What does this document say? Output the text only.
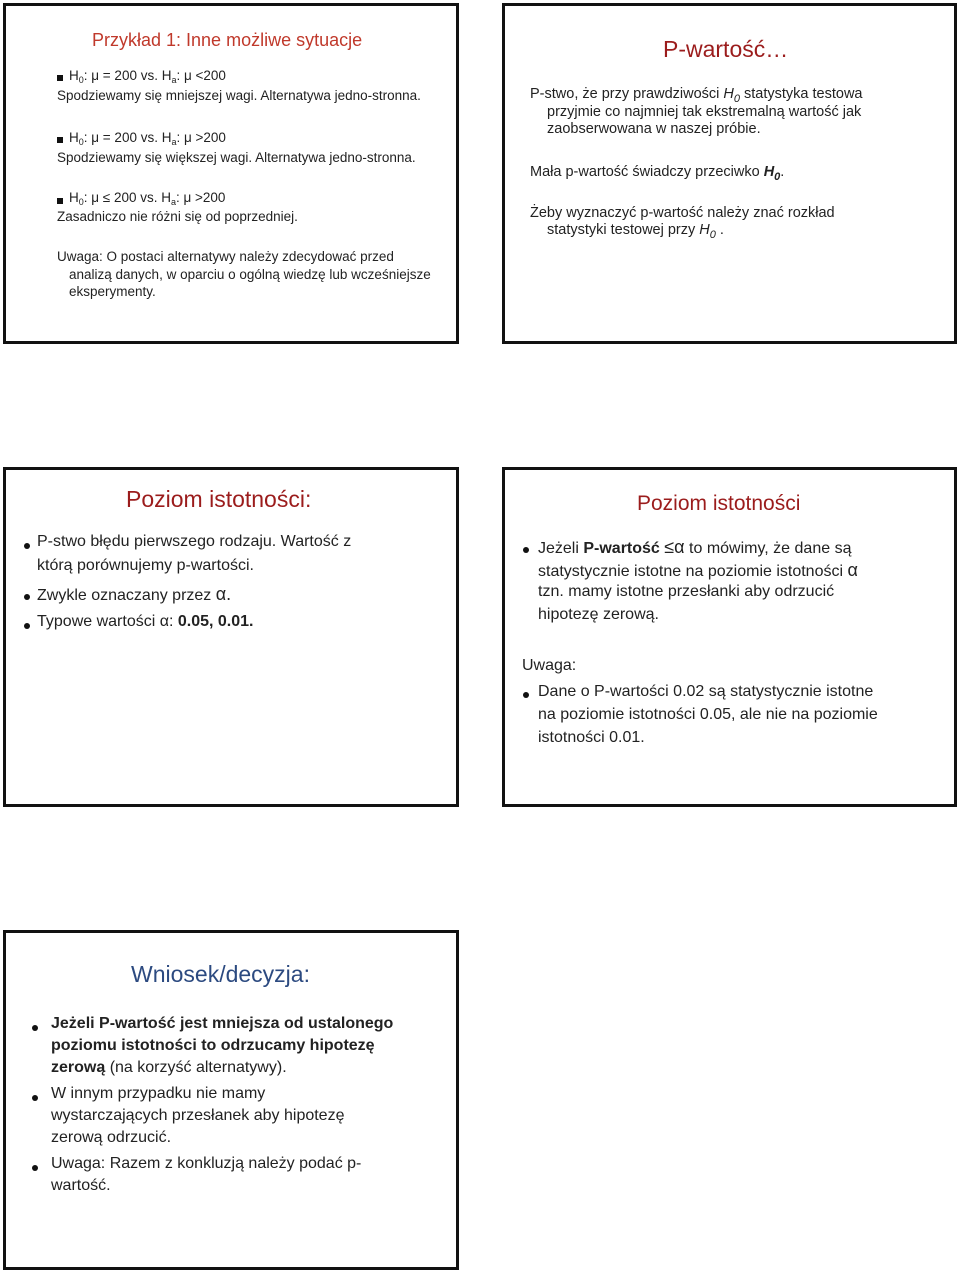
Przykład 1: Inne możliwe sytuacje
$H_0$: μ = 200 vs. $H_a$: μ <200
Spodziewamy się mniejszej wagi. Alternatywa jedno-stronna.
$H_0$: μ = 200 vs. $H_a$: μ >200
Spodziewamy się większej wagi. Alternatywa jedno-stronna.
$H_0$: μ ≤ 200 vs. $H_a$: μ >200
Zasadniczo nie różni się od poprzedniej.
Uwaga: O postaci alternatywy należy zdecydować przed
analizą danych, w oparciu o ogólną wiedzę lub wcześniejsze
eksperymenty.
P-wartość…
P-stwo, że przy prawdziwości $H_0$ statystyka testowa
przyjmie co najmniej tak ekstremalną wartość jak
zaobserwowana w naszej próbie.
Mała p-wartość świadczy przeciwko $H_0$.
Żeby wyznaczyć p-wartość należy znać rozkład
statystyki testowej przy $H_0$ .
Poziom istotności:
P-stwo błędu pierwszego rodzaju. Wartość z
którą porównujemy p-wartości.
Zwykle oznaczany przez α.
Typowe wartości α: 0.05, 0.01.
Poziom istotności
Jeżeli P-wartość ≤α to mówimy, że dane są
statystycznie istotne na poziomie istotności α
tzn. mamy istotne przesłanki aby odrzucić
hipotezę zerową.
Uwaga:
Dane o P-wartości 0.02 są statystycznie istotne
na poziomie istotności 0.05, ale nie na poziomie
istotności 0.01.
Wniosek/decyzja:
Jeżeli P-wartość jest mniejsza od ustalonego
poziomu istotności to odrzucamy hipotezę
zerową (na korzyść alternatywy).
W innym przypadku nie mamy
wystarczających przesłanek aby hipotezę
zerową odrzucić.
Uwaga: Razem z konkluzją należy podać p-
wartość.
